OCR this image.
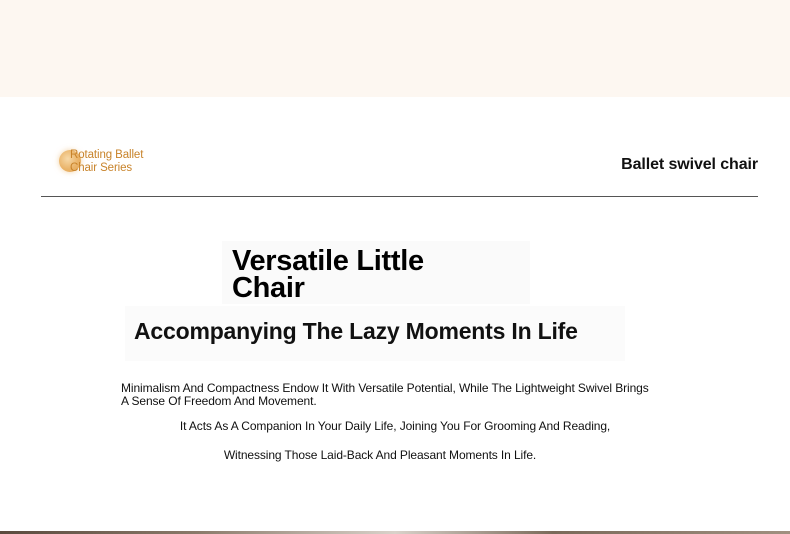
Rotating Ballet Chair Series	Ballet swivel chair
Versatile Little Chair
Accompanying The Lazy Moments In Life
Minimalism And Compactness Endow It With Versatile Potential, While The Lightweight Swivel Brings A Sense Of Freedom And Movement.
It Acts As A Companion In Your Daily Life, Joining You For Grooming And Reading,
Witnessing Those Laid-Back And Pleasant Moments In Life.
